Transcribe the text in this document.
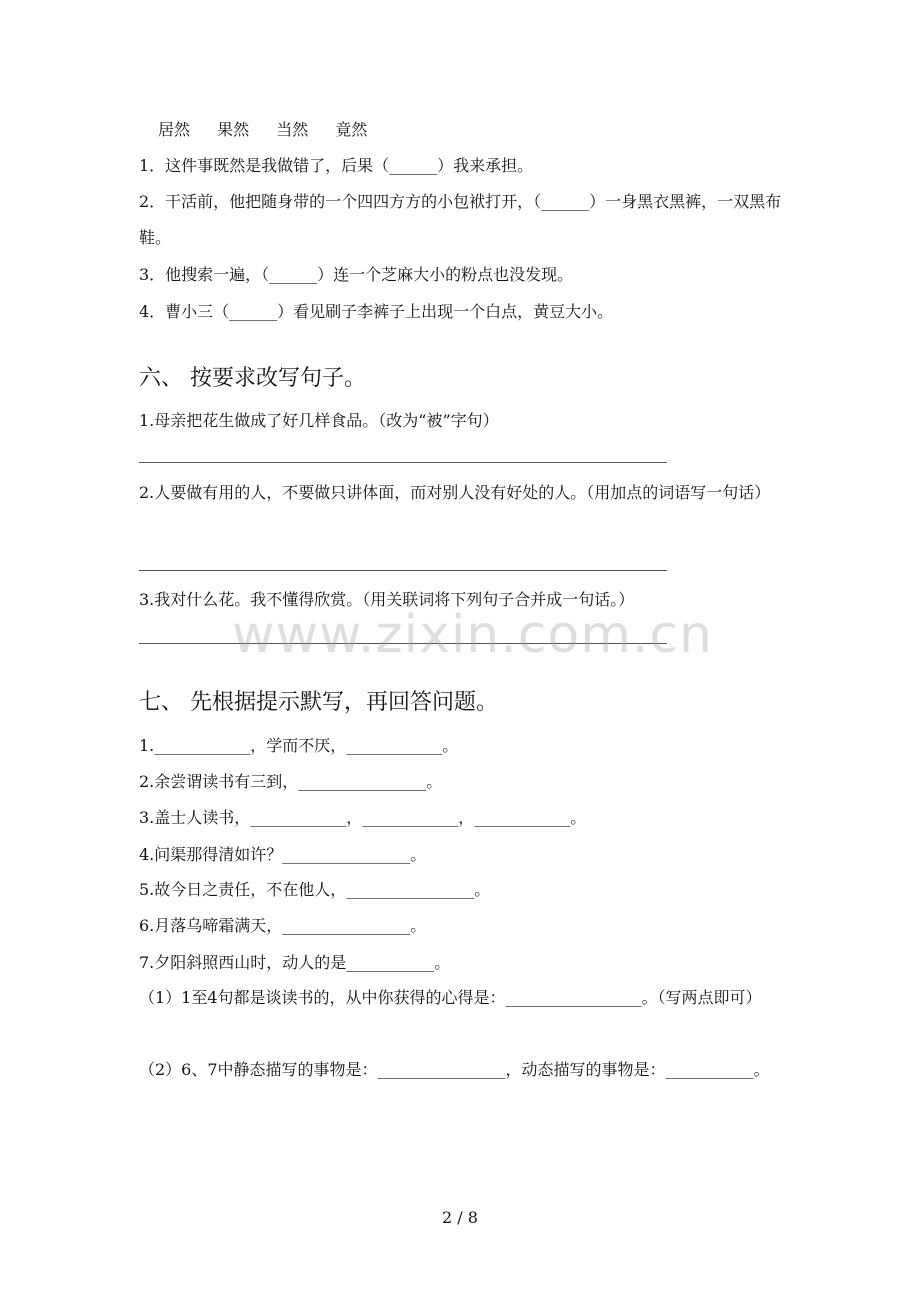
居然 果然 当然 竟然
1．这件事既然是我做错了，后果（______）我来承担。
2．干活前，他把随身带的一个四四方方的小包袱打开，（______）一身黑衣黑裤，一双黑布鞋。
3．他搜索一遍，（______）连一个芝麻大小的粉点也没发现。
4．曹小三（______）看见刷子李裤子上出现一个白点，黄豆大小。
六、 按要求改写句子。
1.母亲把花生做成了好几样食品。（改为“被”字句）
2.人要做有用的人，不要做只讲体面，而对别人没有好处的人。（用加点的词语写一句话）
3.我对什么花。我不懂得欣赏。（用关联词将下列句子合并成一句话。）
www.zixin.com.cn
七、 先根据提示默写，再回答问题。
1.____________，学而不厌，____________。
2.余尝谓读书有三到，________________。
3.盖士人读书，____________，____________，____________。
4.问渠那得清如许？________________。
5.故今日之责任，不在他人，________________。
6.月落乌啼霜满天，________________。
7.夕阳斜照西山时，动人的是___________。
（1）1至4句都是谈读书的，从中你获得的心得是：_________________。（写两点即可）
（2）6、7中静态描写的事物是：________________，动态描写的事物是：___________。
2 / 8
